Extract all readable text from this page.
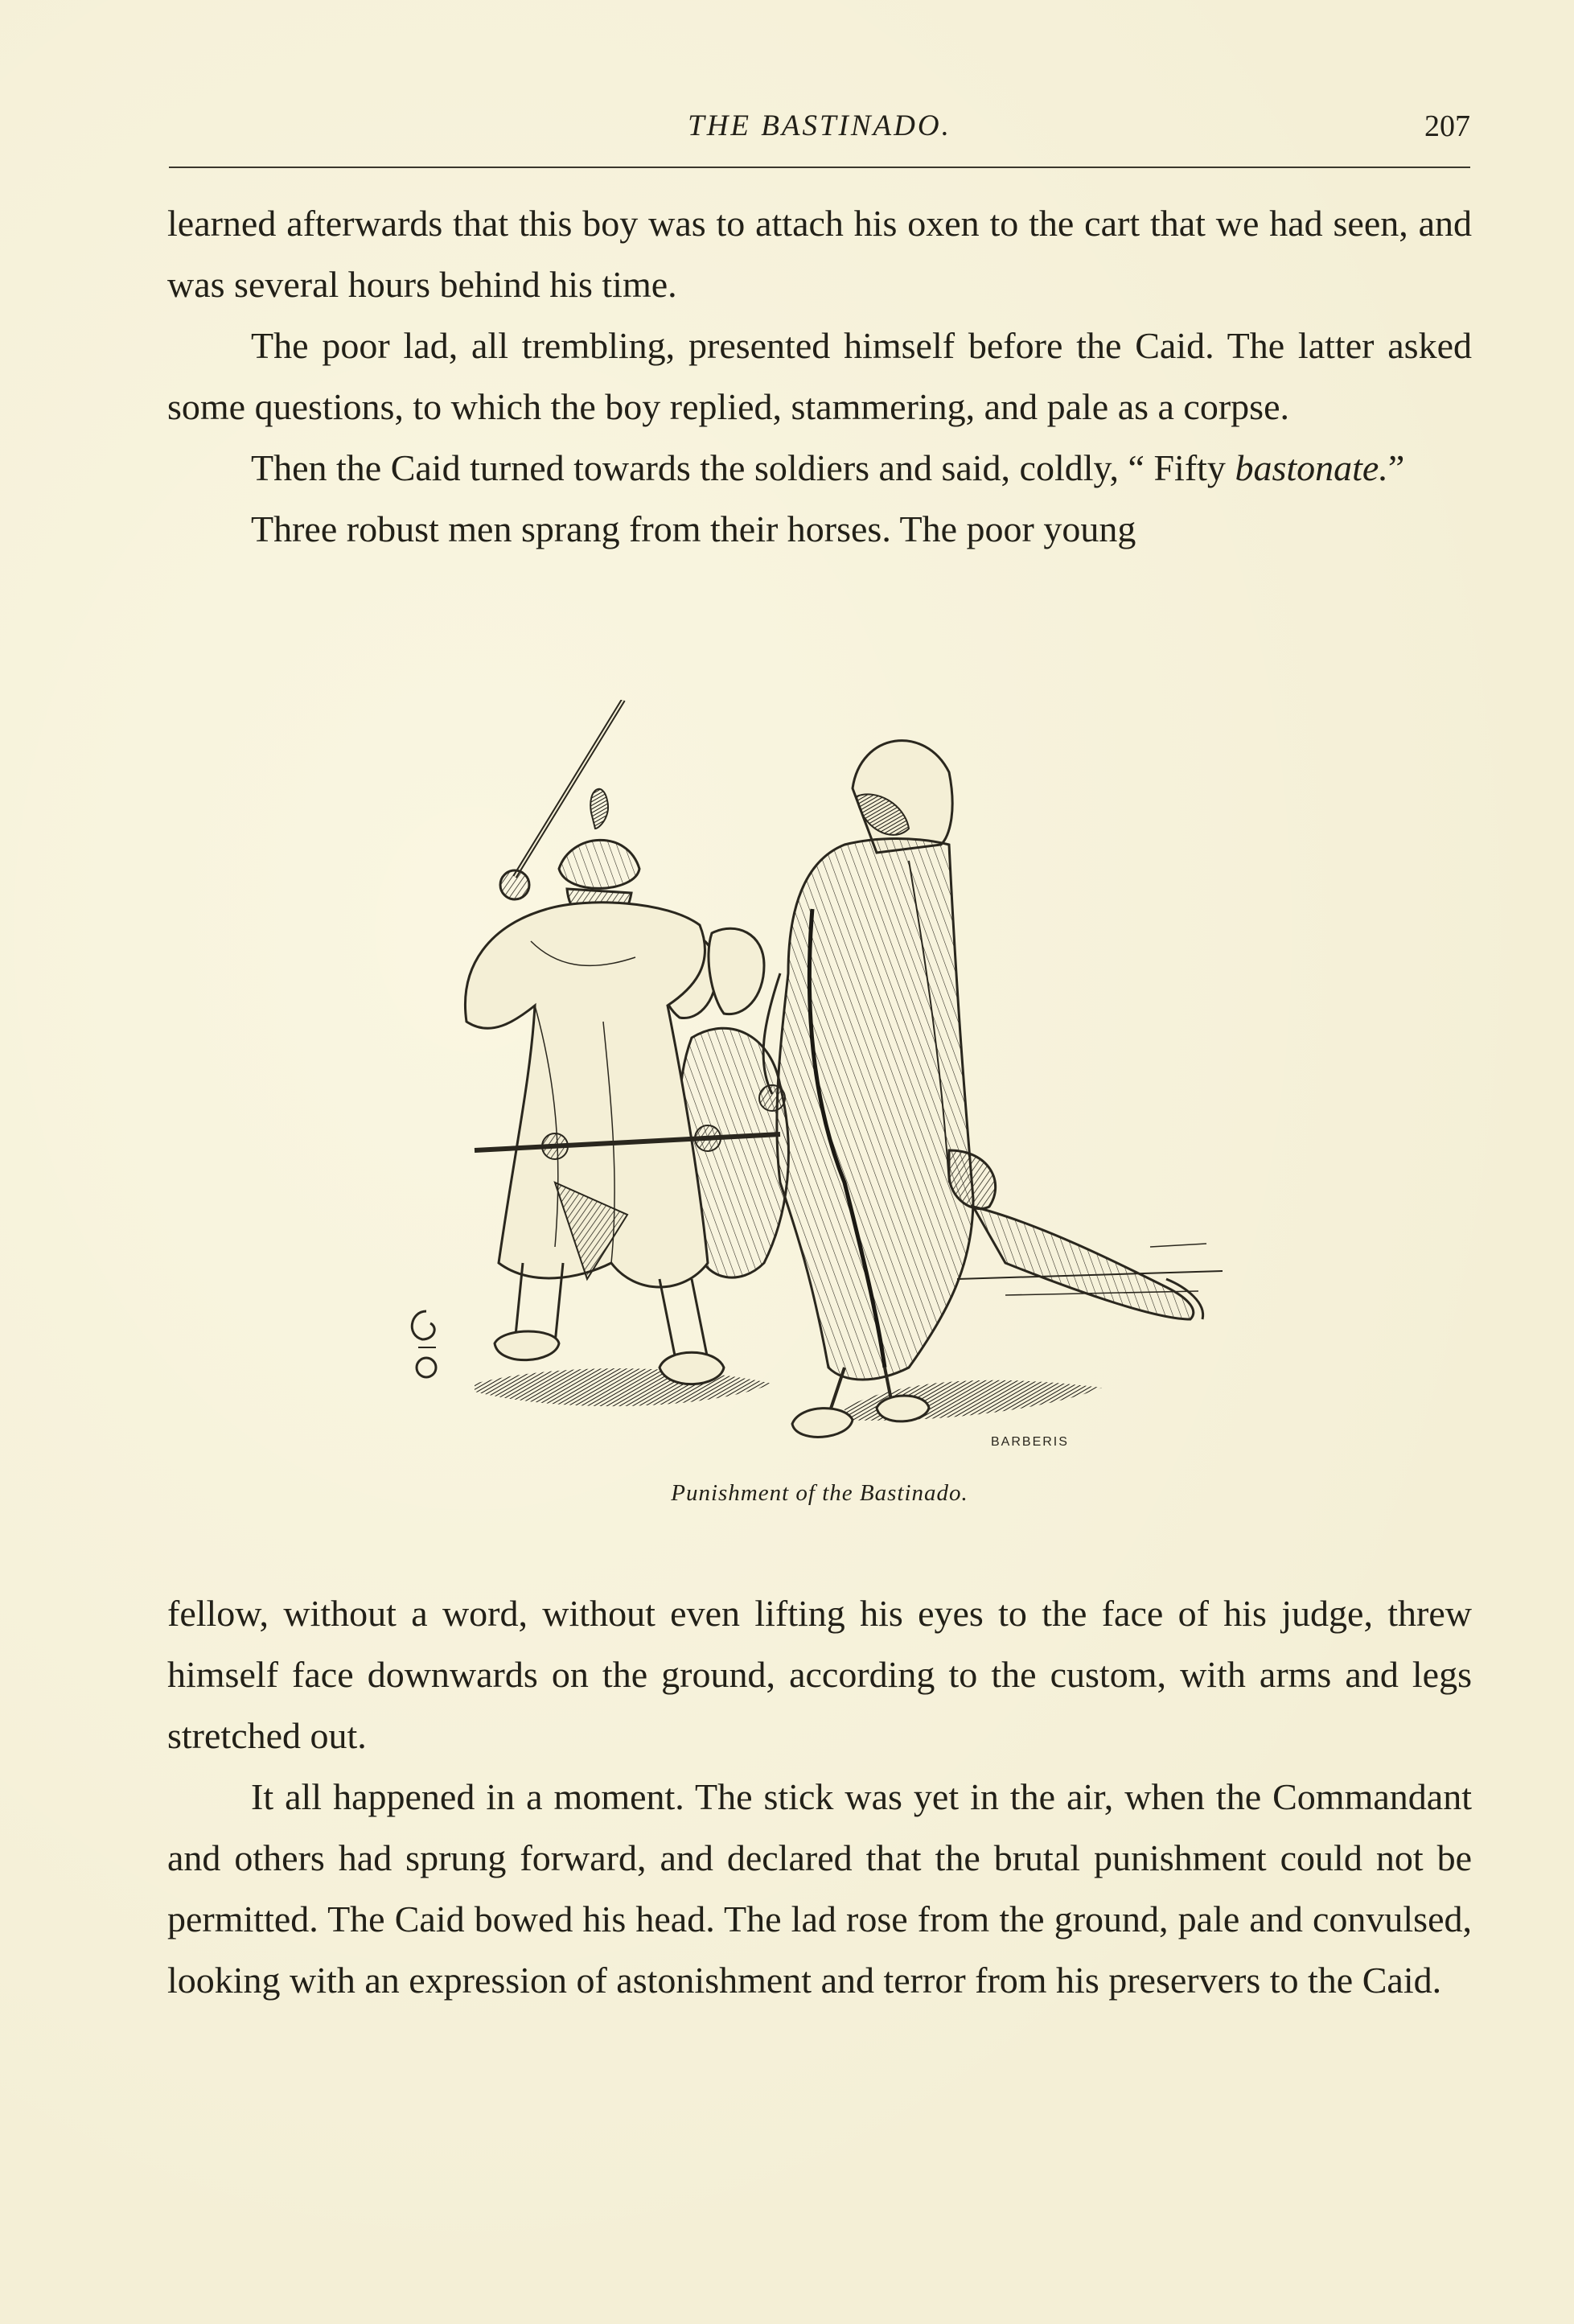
THE BASTINADO.	207

learned afterwards that this boy was to attach his oxen to the cart that we had seen, and was several hours behind his time.

The poor lad, all trembling, presented himself before the Caid. The latter asked some questions, to which the boy replied, stammering, and pale as a corpse.

Then the Caid turned towards the soldiers and said, coldly, “ Fifty bastonate.”

Three robust men sprang from their horses. The poor young

BARBERIS
Punishment of the Bastinado.

fellow, without a word, without even lifting his eyes to the face of his judge, threw himself face downwards on the ground, according to the custom, with arms and legs stretched out.

It all happened in a moment. The stick was yet in the air, when the Commandant and others had sprung forward, and declared that the brutal punishment could not be permitted. The Caid bowed his head. The lad rose from the ground, pale and convulsed, looking with an expression of astonishment and terror from his preservers to the Caid.
